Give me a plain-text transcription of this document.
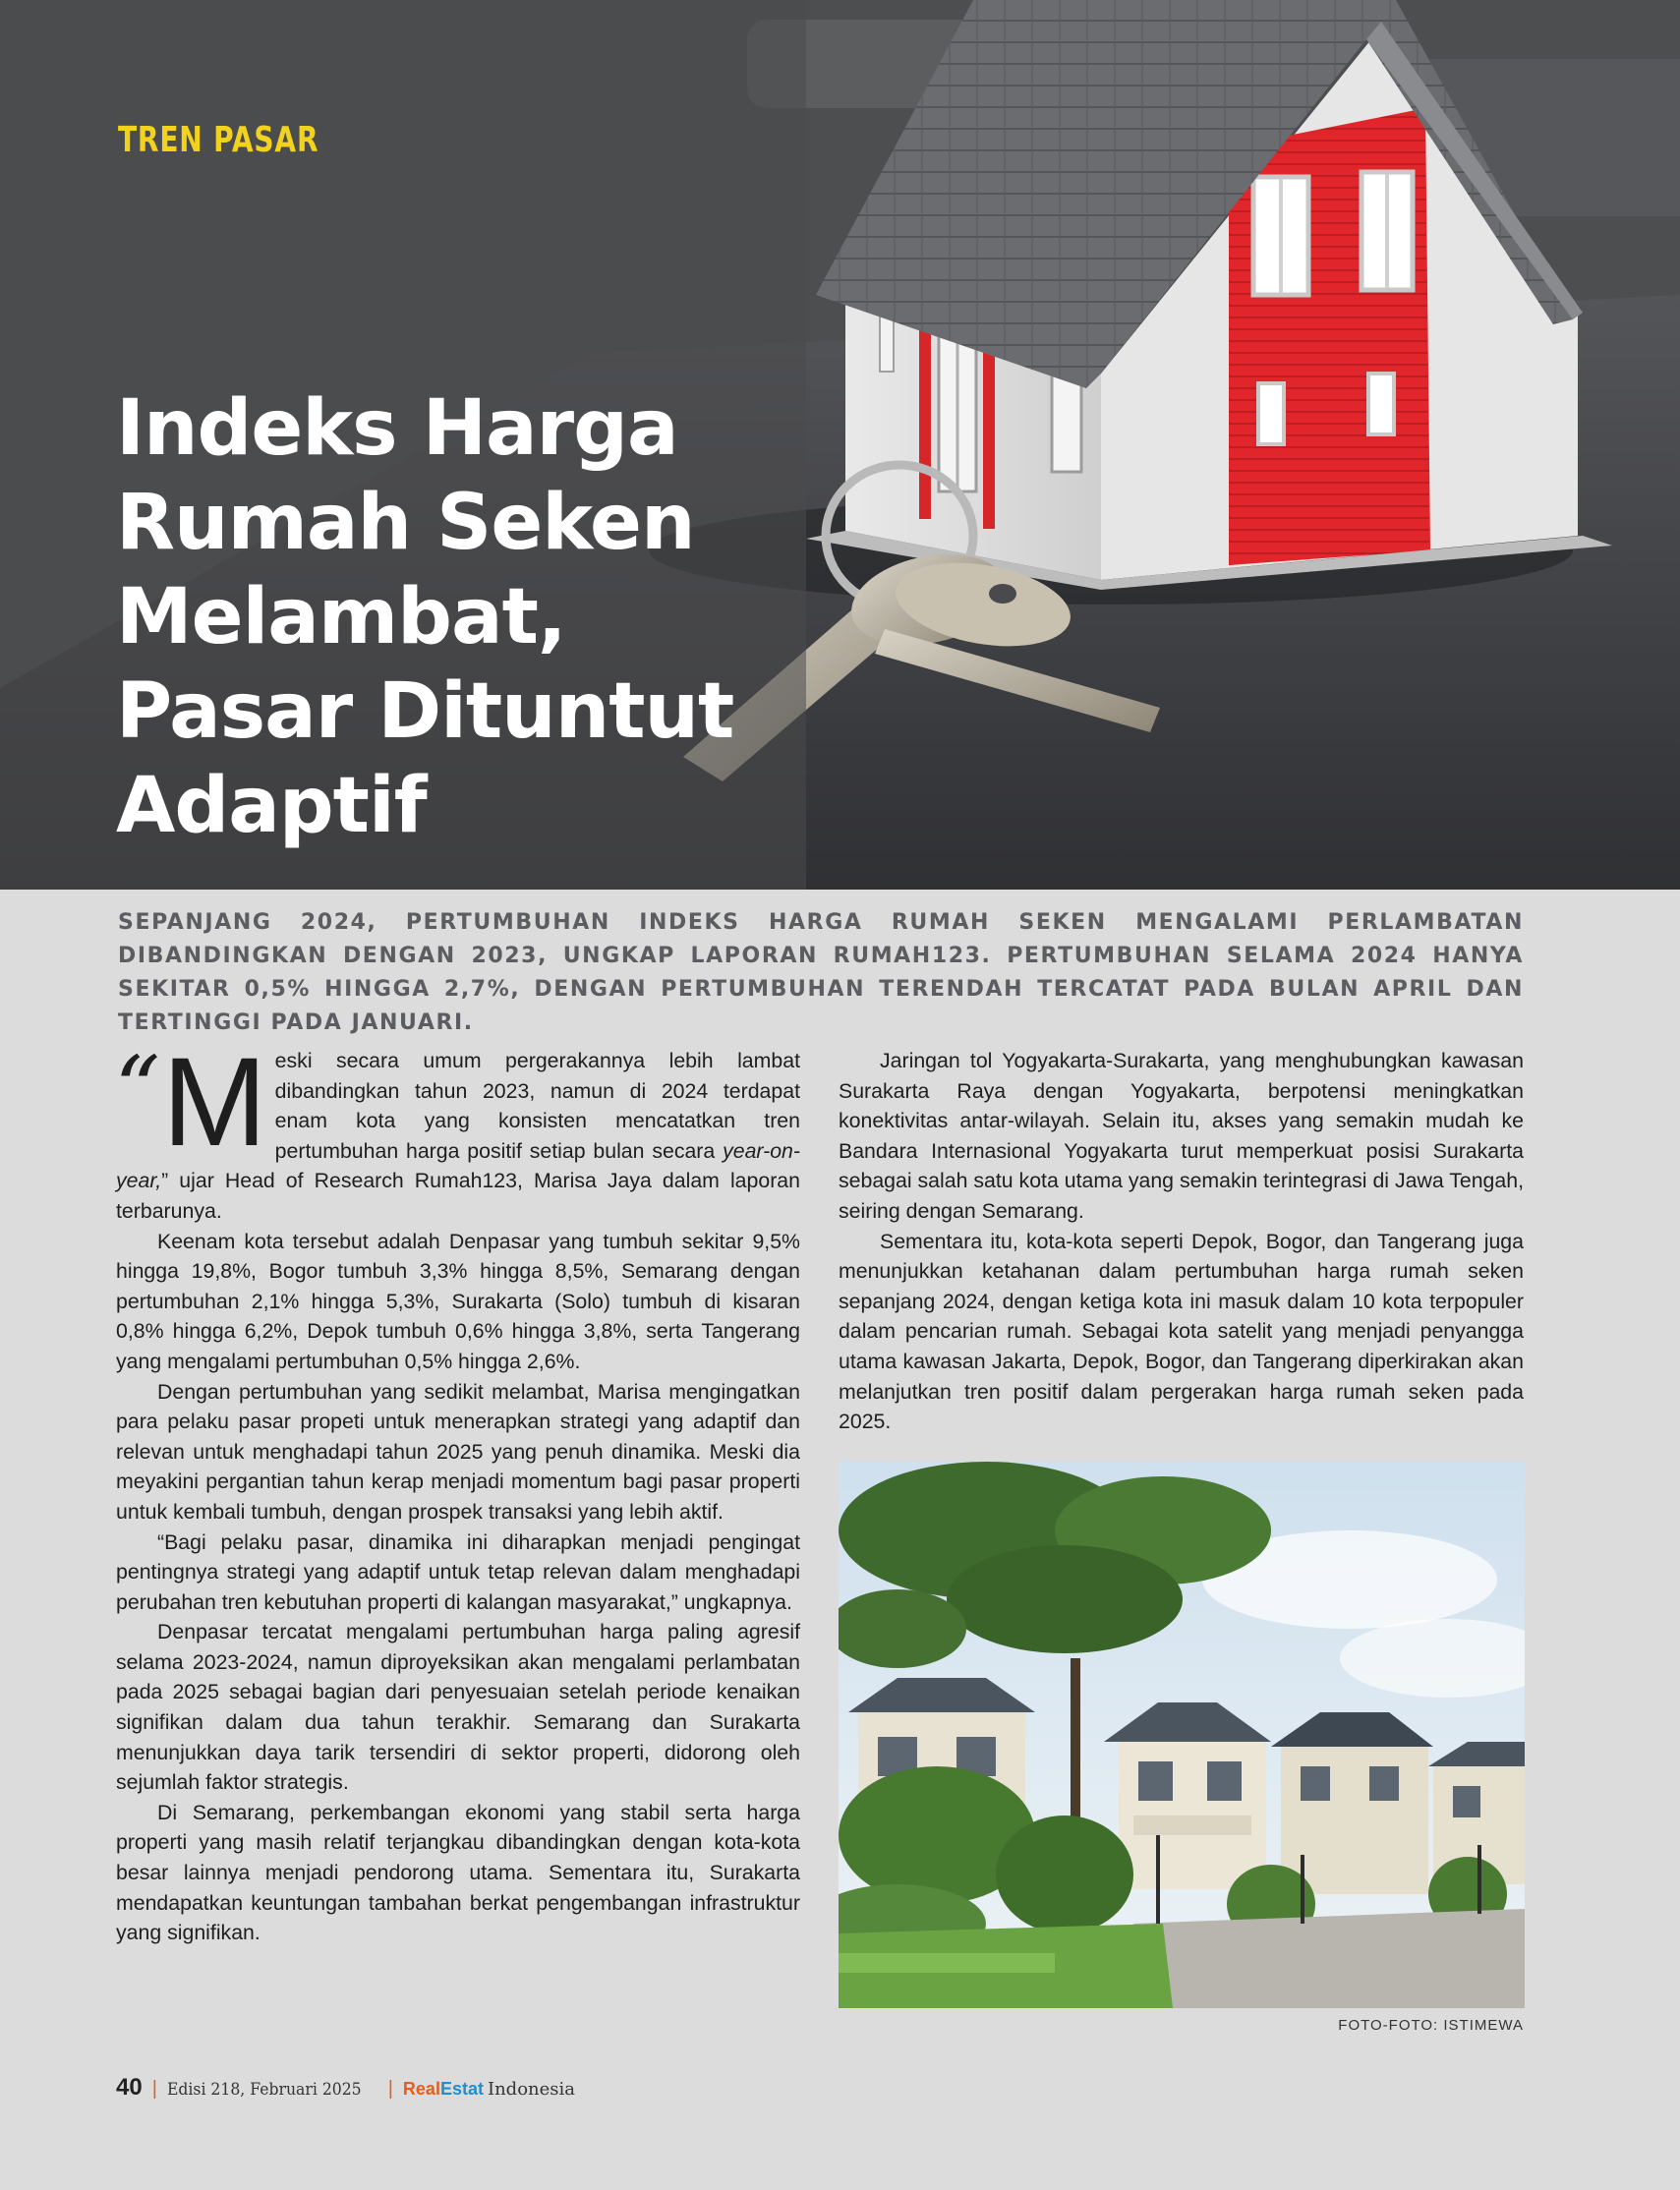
TREN PASAR
Indeks Harga
Rumah Seken
Melambat,
Pasar Dituntut
Adaptif

SEPANJANG 2024, PERTUMBUHAN INDEKS HARGA RUMAH SEKEN MENGALAMI PERLAMBATAN DIBANDINGKAN DENGAN 2023, UNGKAP LAPORAN RUMAH123. PERTUMBUHAN SELAMA 2024 HANYA SEKITAR 0,5% HINGGA 2,7%, DENGAN PERTUMBUHAN TERENDAH TERCATAT PADA BULAN APRIL DAN TERTINGGI PADA JANUARI.

“ M eski secara umum pergerakannya lebih lambat dibandingkan tahun 2023, namun di 2024 terdapat enam kota yang konsisten mencatatkan tren pertumbuhan harga positif setiap bulan secara year-on-year,” ujar Head of Research Rumah123, Marisa Jaya dalam laporan terbarunya.

Keenam kota tersebut adalah Denpasar yang tumbuh sekitar 9,5% hingga 19,8%, Bogor tumbuh 3,3% hingga 8,5%, Semarang dengan pertumbuhan 2,1% hingga 5,3%, Surakarta (Solo) tumbuh di kisaran 0,8% hingga 6,2%, Depok tumbuh 0,6% hingga 3,8%, serta Tangerang yang mengalami pertumbuhan 0,5% hingga 2,6%.

Dengan pertumbuhan yang sedikit melambat, Marisa mengingatkan para pelaku pasar propeti untuk menerapkan strategi yang adaptif dan relevan untuk menghadapi tahun 2025 yang penuh dinamika. Meski dia meyakini pergantian tahun kerap menjadi momentum bagi pasar properti untuk kembali tumbuh, dengan prospek transaksi yang lebih aktif.

“Bagi pelaku pasar, dinamika ini diharapkan menjadi pengingat pentingnya strategi yang adaptif untuk tetap relevan dalam menghadapi perubahan tren kebutuhan properti di kalangan masyarakat,” ungkapnya.

Denpasar tercatat mengalami pertumbuhan harga paling agresif selama 2023-2024, namun diproyeksikan akan mengalami perlambatan pada 2025 sebagai bagian dari penyesuaian setelah periode kenaikan signifikan dalam dua tahun terakhir. Semarang dan Surakarta menunjukkan daya tarik tersendiri di sektor properti, didorong oleh sejumlah faktor strategis.

Di Semarang, perkembangan ekonomi yang stabil serta harga properti yang masih relatif terjangkau dibandingkan dengan kota-kota besar lainnya menjadi pendorong utama. Sementara itu, Surakarta mendapatkan keuntungan tambahan berkat pengembangan infrastruktur yang signifikan.

Jaringan tol Yogyakarta-Surakarta, yang menghubungkan kawasan Surakarta Raya dengan Yogyakarta, berpotensi meningkatkan konektivitas antar-wilayah. Selain itu, akses yang semakin mudah ke Bandara Internasional Yogyakarta turut memperkuat posisi Surakarta sebagai salah satu kota utama yang semakin terintegrasi di Jawa Tengah, seiring dengan Semarang.

Sementara itu, kota-kota seperti Depok, Bogor, dan Tangerang juga menunjukkan ketahanan dalam pertumbuhan harga rumah seken sepanjang 2024, dengan ketiga kota ini masuk dalam 10 kota terpopuler dalam pencarian rumah. Sebagai kota satelit yang menjadi penyangga utama kawasan Jakarta, Depok, Bogor, dan Tangerang diperkirakan akan melanjutkan tren positif dalam pergerakan harga rumah seken pada 2025.

FOTO-FOTO: ISTIMEWA

40 | Edisi 218, Februari 2025 | Real Estat Indonesia
